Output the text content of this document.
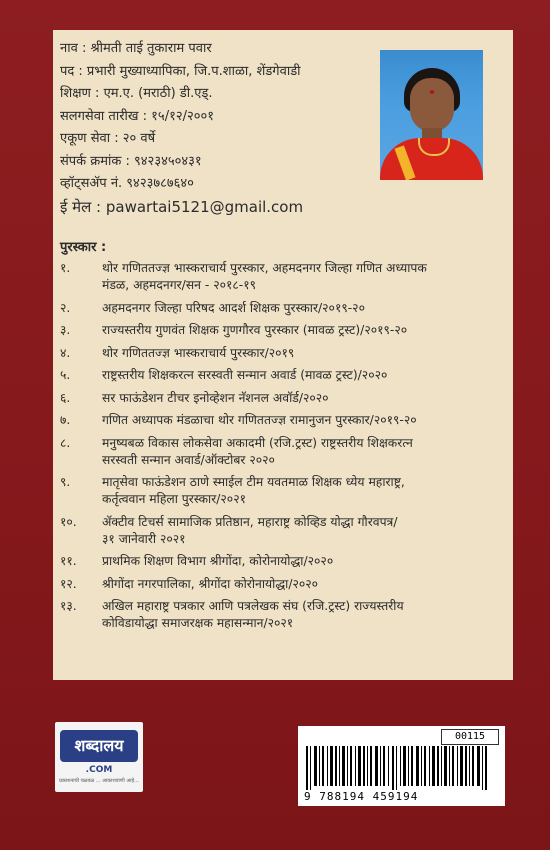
नाव : श्रीमती ताई तुकाराम पवार
पद : प्रभारी मुख्याध्यापिका, जि.प.शाळा, शेंडगेवाडी
शिक्षण : एम.ए. (मराठी) डी.एड्.
सलगसेवा तारीख : १५/१२/२००१
एकूण सेवा : २० वर्षे
संपर्क क्रमांक : ९४२३४५०४३१
व्हॉट्सॲप नं. ९४२३७८७६४०
ई मेल : pawartai5121@gmail.com
पुरस्कार :
१.	थोर गणिततज्ज्ञ भास्कराचार्य पुरस्कार, अहमदनगर जिल्हा गणित अध्यापक
मंडळ, अहमदनगर/सन - २०१८-१९
२.	अहमदनगर जिल्हा परिषद आदर्श शिक्षक पुरस्कार/२०१९-२०
३.	राज्यस्तरीय गुणवंत शिक्षक गुणगौरव पुरस्कार (मावळ ट्रस्ट)/२०१९-२०
४.	थोर गणिततज्ज्ञ भास्कराचार्य पुरस्कार/२०१९
५.	राष्ट्रस्तरीय शिक्षकरत्न सरस्वती सन्मान अवार्ड (मावळ ट्रस्ट)/२०२०
६.	सर फाऊंडेशन टीचर इनोव्हेशन नॅशनल अवॉर्ड/२०२०
७.	गणित अध्यापक मंडळाचा थोर गणिततज्ज्ञ रामानुजन पुरस्कार/२०१९-२०
८.	मनुष्यबळ विकास लोकसेवा अकादमी (रजि.ट्रस्ट) राष्ट्रस्तरीय शिक्षकरत्न
सरस्वती सन्मान अवार्ड/ऑक्टोबर २०२०
९.	मातृसेवा फाऊंडेशन ठाणे स्माईल टीम यवतमाळ शिक्षक ध्येय महाराष्ट्र,
कर्तृत्ववान महिला पुरस्कार/२०२१
१०.	ॲक्टीव टिचर्स सामाजिक प्रतिष्ठान, महाराष्ट्र कोव्हिड योद्धा गौरवपत्र/
३१ जानेवारी २०२१
११.	प्राथमिक शिक्षण विभाग श्रीगोंदा, कोरोनायोद्धा/२०२०
१२.	श्रीगोंदा नगरपालिका, श्रीगोंदा कोरोनायोद्धा/२०२०
१३.	अखिल महाराष्ट्र पत्रकार आणि पत्रलेखक संघ (रजि.ट्रस्ट) राज्यस्तरीय
कोविडायोद्धा समाजरक्षक महासन्मान/२०२१
शब्दालय
.COM
प्रकाशनाची चळवळ ... आकाशवाणी आहे...
00115
9 788194 459194
